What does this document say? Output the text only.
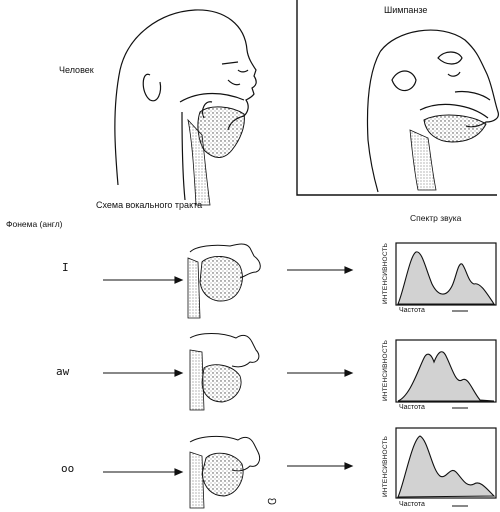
Человек
Шимпанзе
Схема вокального тракта
Фонема (англ)
Спектр звука
I
aw
oo
ИНТЕНСИВНОСТЬ
ИНТЕНСИВНОСТЬ
ИНТЕНСИВНОСТЬ
Частота
Частота
Частота
